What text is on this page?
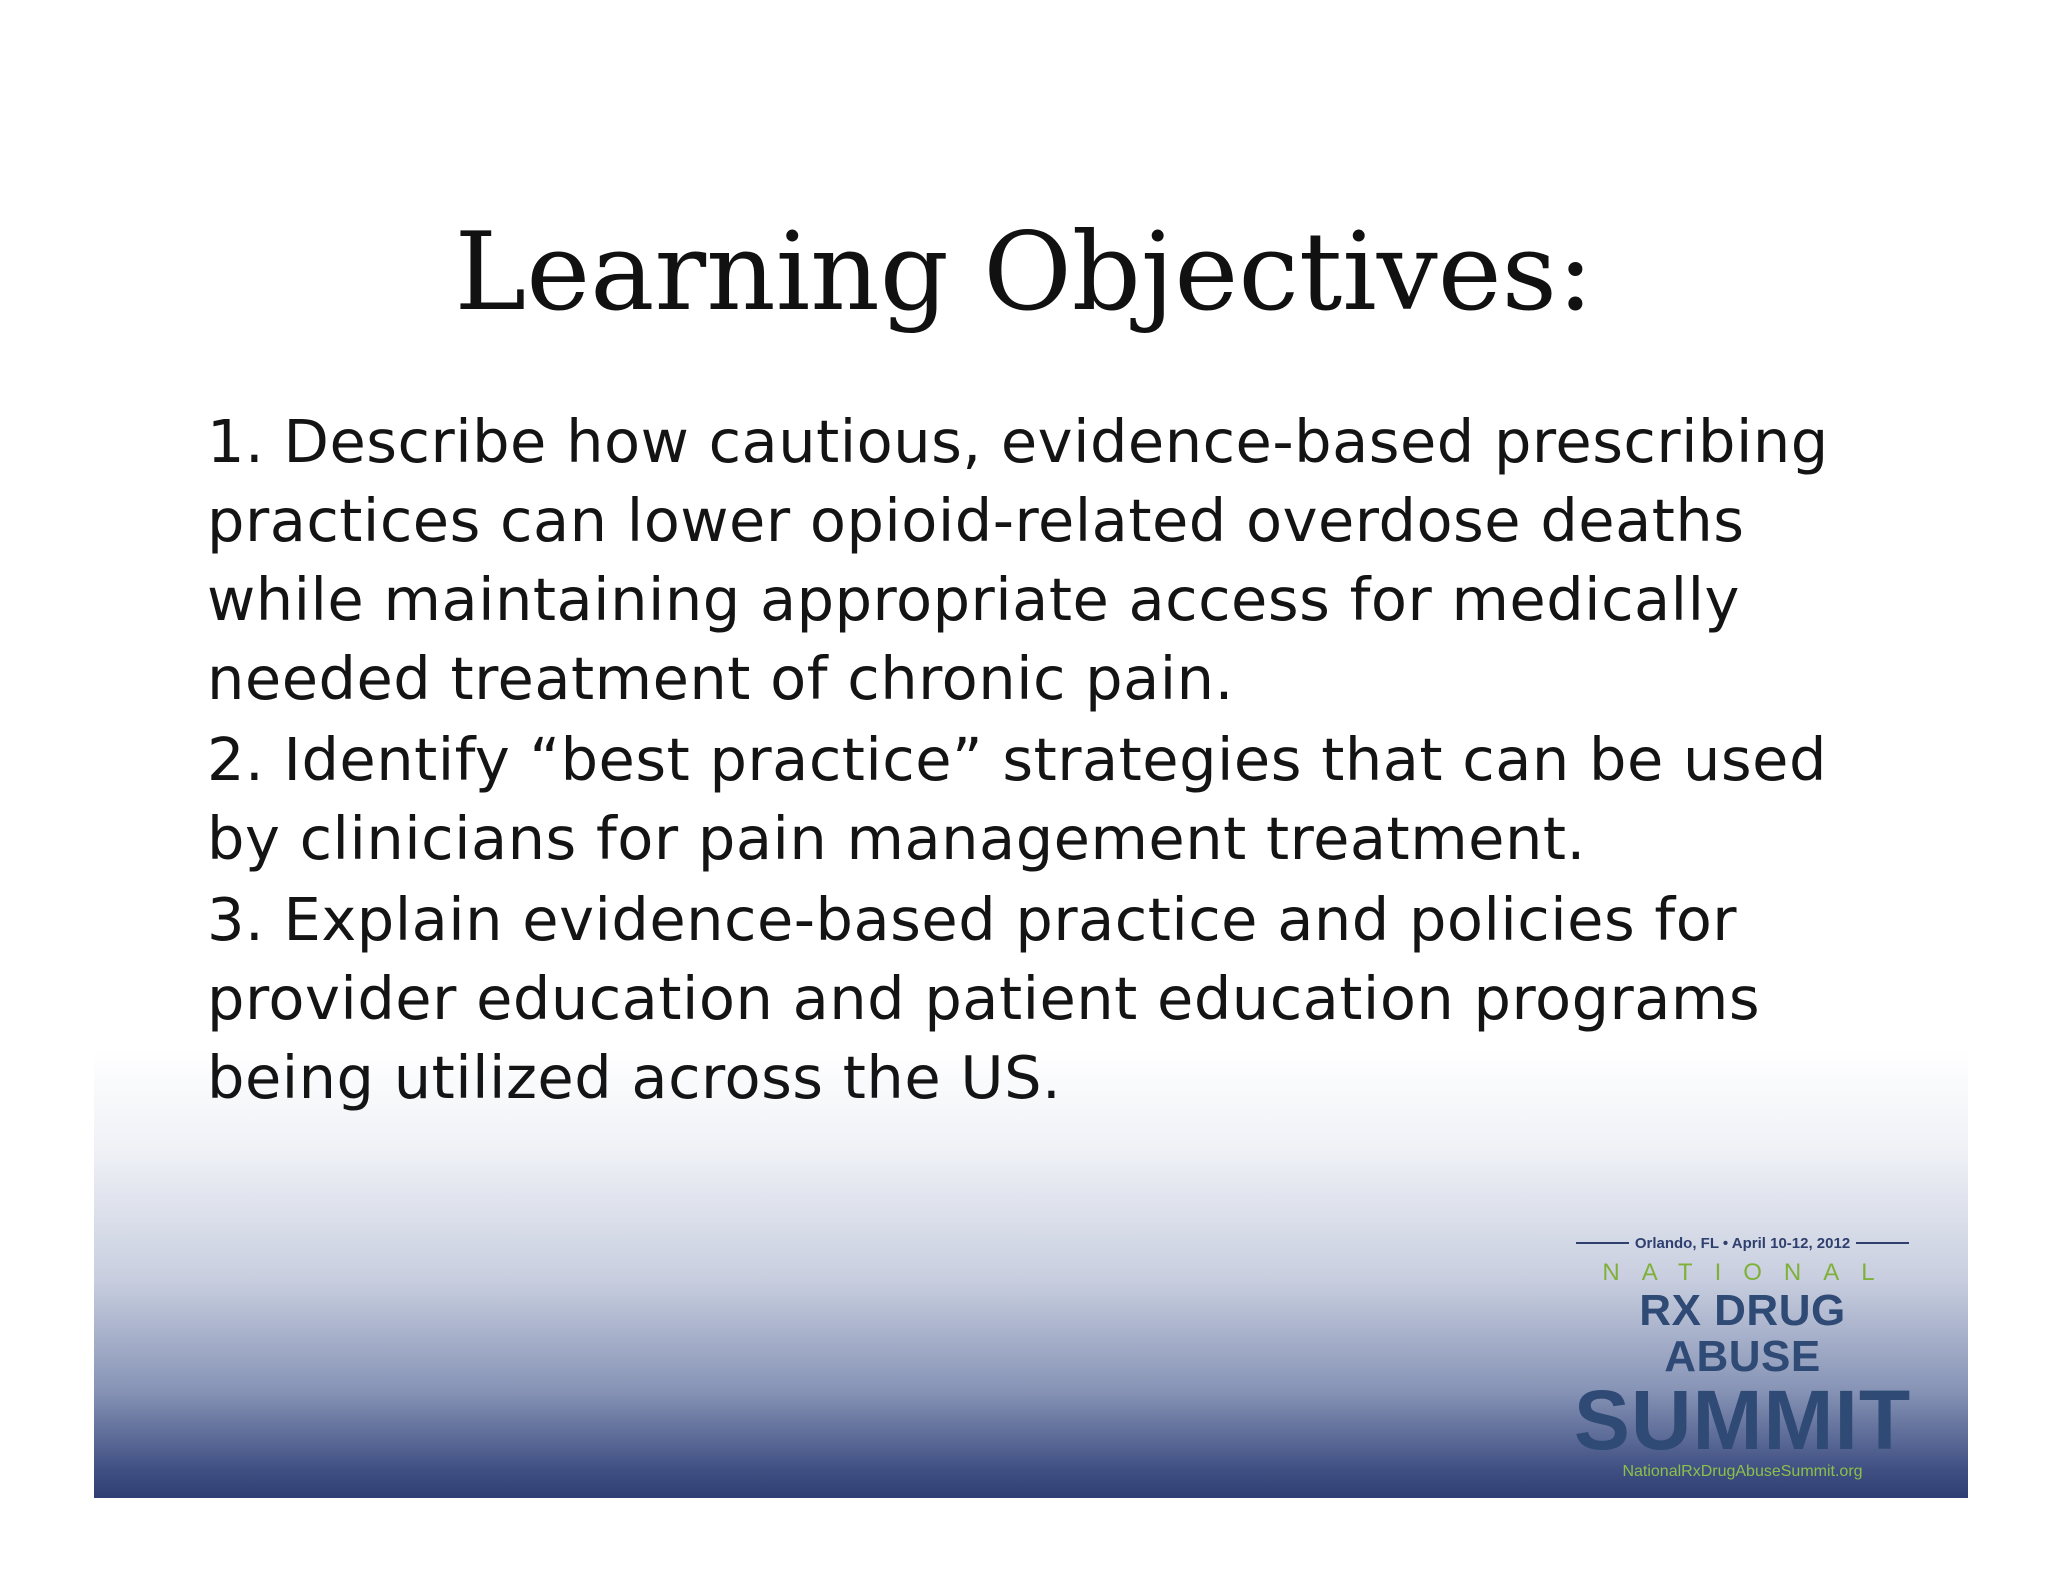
Learning Objectives:
1. Describe how cautious, evidence-based prescribing practices can lower opioid-related overdose deaths while maintaining appropriate access for medically needed treatment of chronic pain.
2. Identify “best practice” strategies that can be used by clinicians for pain management treatment.
3. Explain evidence-based practice and policies for provider education and patient education programs being utilized across the US.
Orlando, FL • April 10-12, 2012
NATIONAL
RX DRUG ABUSE
SUMMIT
NationalRxDrugAbuseSummit.org
